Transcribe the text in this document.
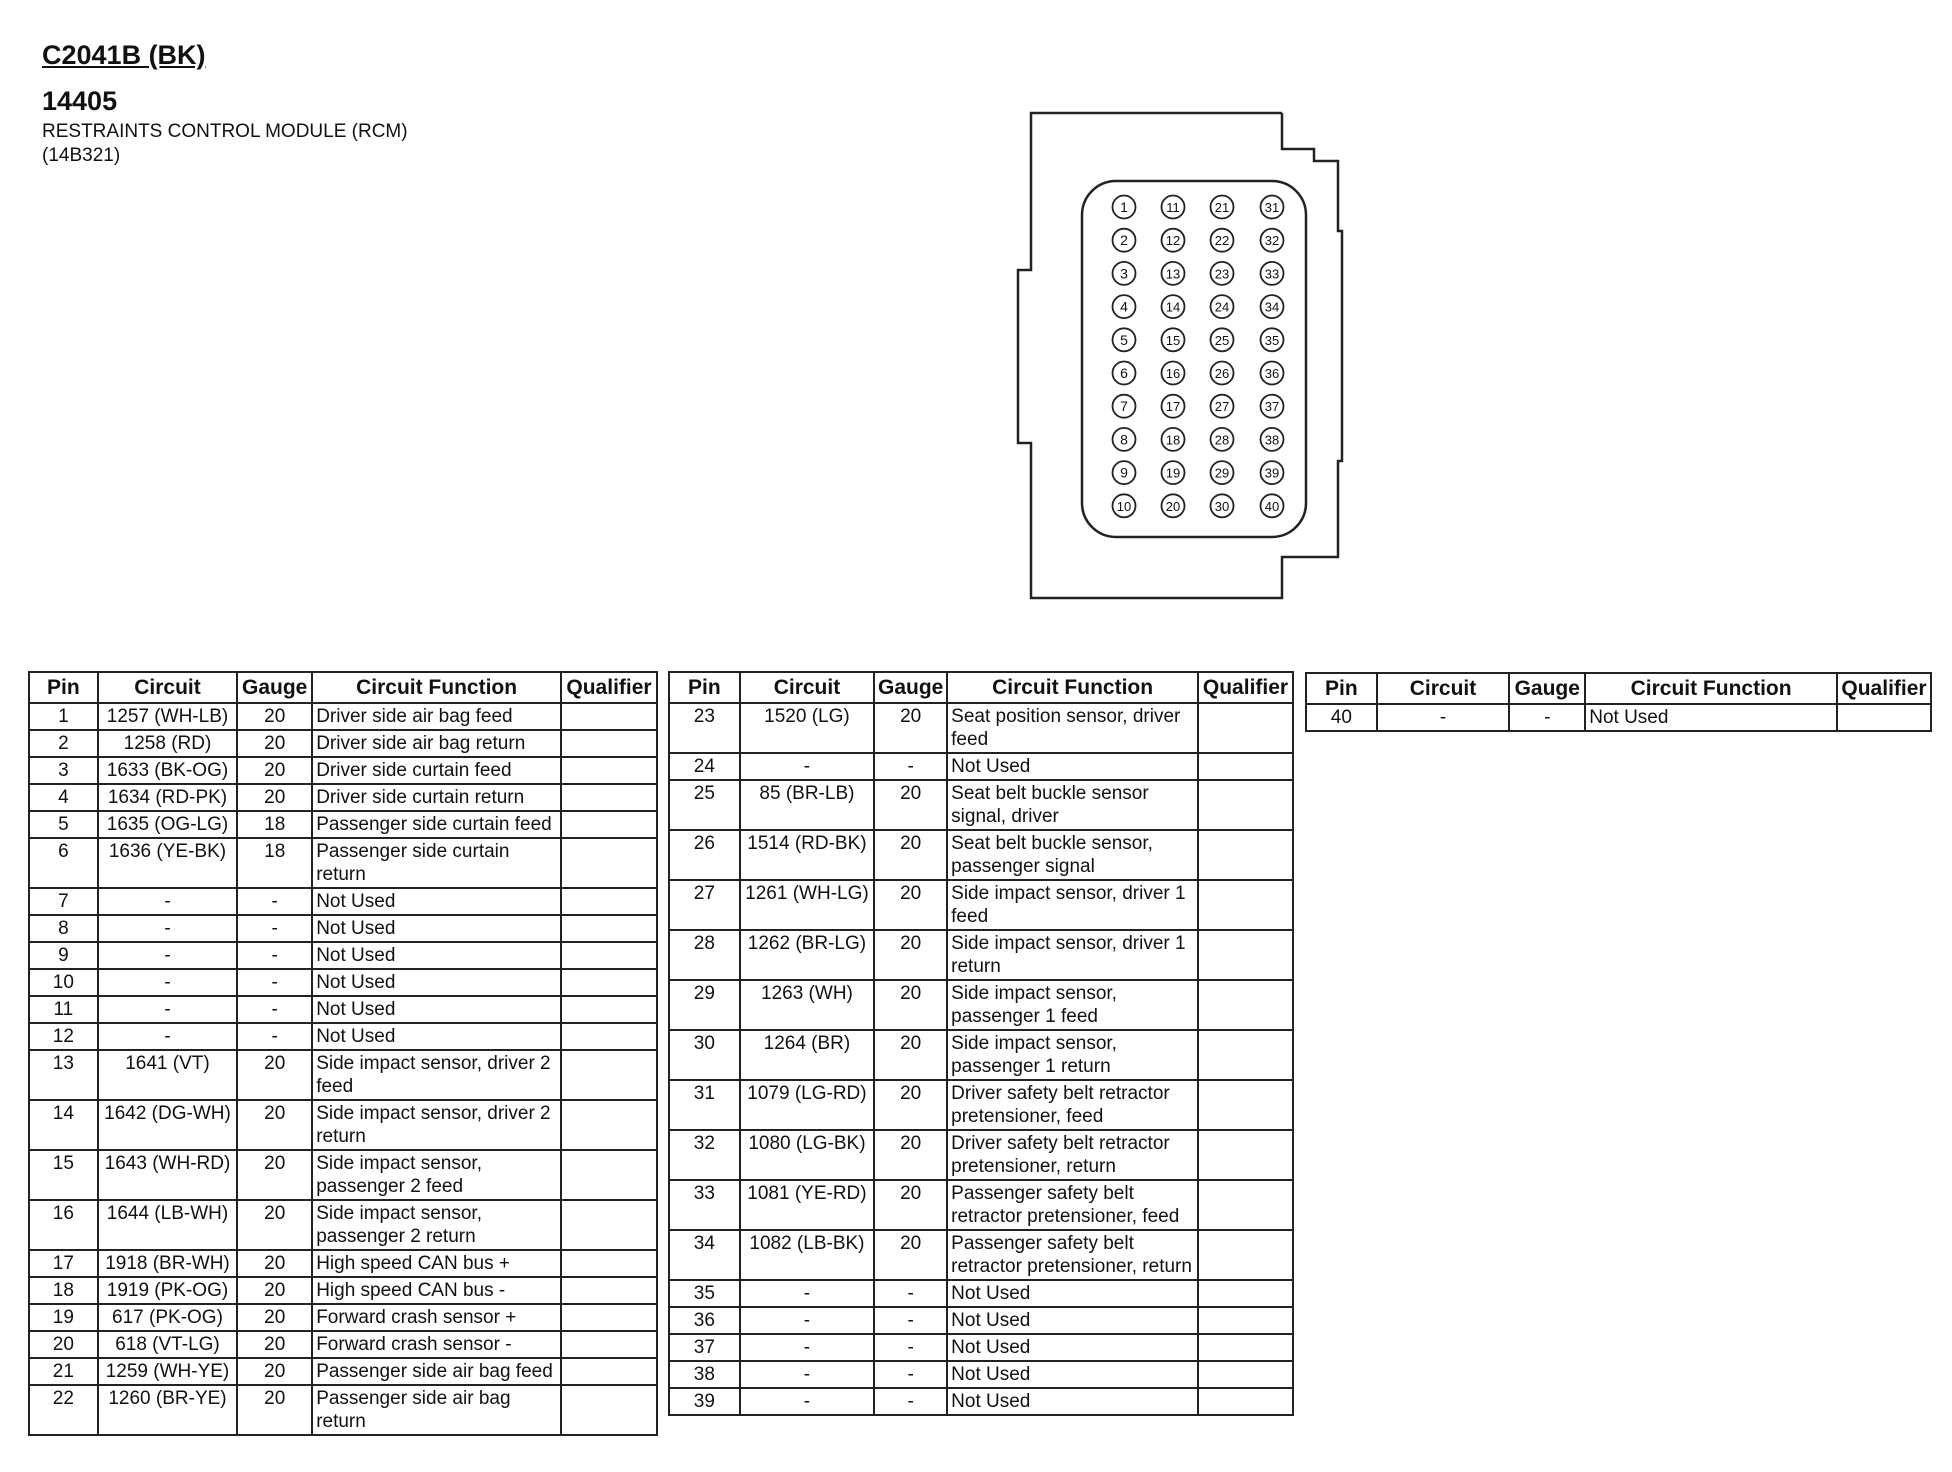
C2041B (BK)
14405
RESTRAINTS CONTROL MODULE (RCM)
(14B321)
1
2
3
4
5
6
7
8
9
10
11
12
13
14
15
16
17
18
19
20
21
22
23
24
25
26
27
28
29
30
31
32
33
34
35
36
37
38
39
40
Pin	Circuit	Gauge	Circuit Function	Qualifier
1	1257 (WH-LB)	20	Driver side air bag feed	
2	1258 (RD)	20	Driver side air bag return	
3	1633 (BK-OG)	20	Driver side curtain feed	
4	1634 (RD-PK)	20	Driver side curtain return	
5	1635 (OG-LG)	18	Passenger side curtain feed	
6	1636 (YE-BK)	18	Passenger side curtain return	
7	-	-	Not Used	
8	-	-	Not Used	
9	-	-	Not Used	
10	-	-	Not Used	
11	-	-	Not Used	
12	-	-	Not Used	
13	1641 (VT)	20	Side impact sensor, driver 2 feed	
14	1642 (DG-WH)	20	Side impact sensor, driver 2 return	
15	1643 (WH-RD)	20	Side impact sensor, passenger 2 feed	
16	1644 (LB-WH)	20	Side impact sensor, passenger 2 return	
17	1918 (BR-WH)	20	High speed CAN bus +	
18	1919 (PK-OG)	20	High speed CAN bus -	
19	617 (PK-OG)	20	Forward crash sensor +	
20	618 (VT-LG)	20	Forward crash sensor -	
21	1259 (WH-YE)	20	Passenger side air bag feed	
22	1260 (BR-YE)	20	Passenger side air bag return	
Pin	Circuit	Gauge	Circuit Function	Qualifier
23	1520 (LG)	20	Seat position sensor, driver feed	
24	-	-	Not Used	
25	85 (BR-LB)	20	Seat belt buckle sensor signal, driver	
26	1514 (RD-BK)	20	Seat belt buckle sensor, passenger signal	
27	1261 (WH-LG)	20	Side impact sensor, driver 1 feed	
28	1262 (BR-LG)	20	Side impact sensor, driver 1 return	
29	1263 (WH)	20	Side impact sensor, passenger 1 feed	
30	1264 (BR)	20	Side impact sensor, passenger 1 return	
31	1079 (LG-RD)	20	Driver safety belt retractor pretensioner, feed	
32	1080 (LG-BK)	20	Driver safety belt retractor pretensioner, return	
33	1081 (YE-RD)	20	Passenger safety belt retractor pretensioner, feed	
34	1082 (LB-BK)	20	Passenger safety belt retractor pretensioner, return	
35	-	-	Not Used	
36	-	-	Not Used	
37	-	-	Not Used	
38	-	-	Not Used	
39	-	-	Not Used	
Pin	Circuit	Gauge	Circuit Function	Qualifier
40	-	-	Not Used	
